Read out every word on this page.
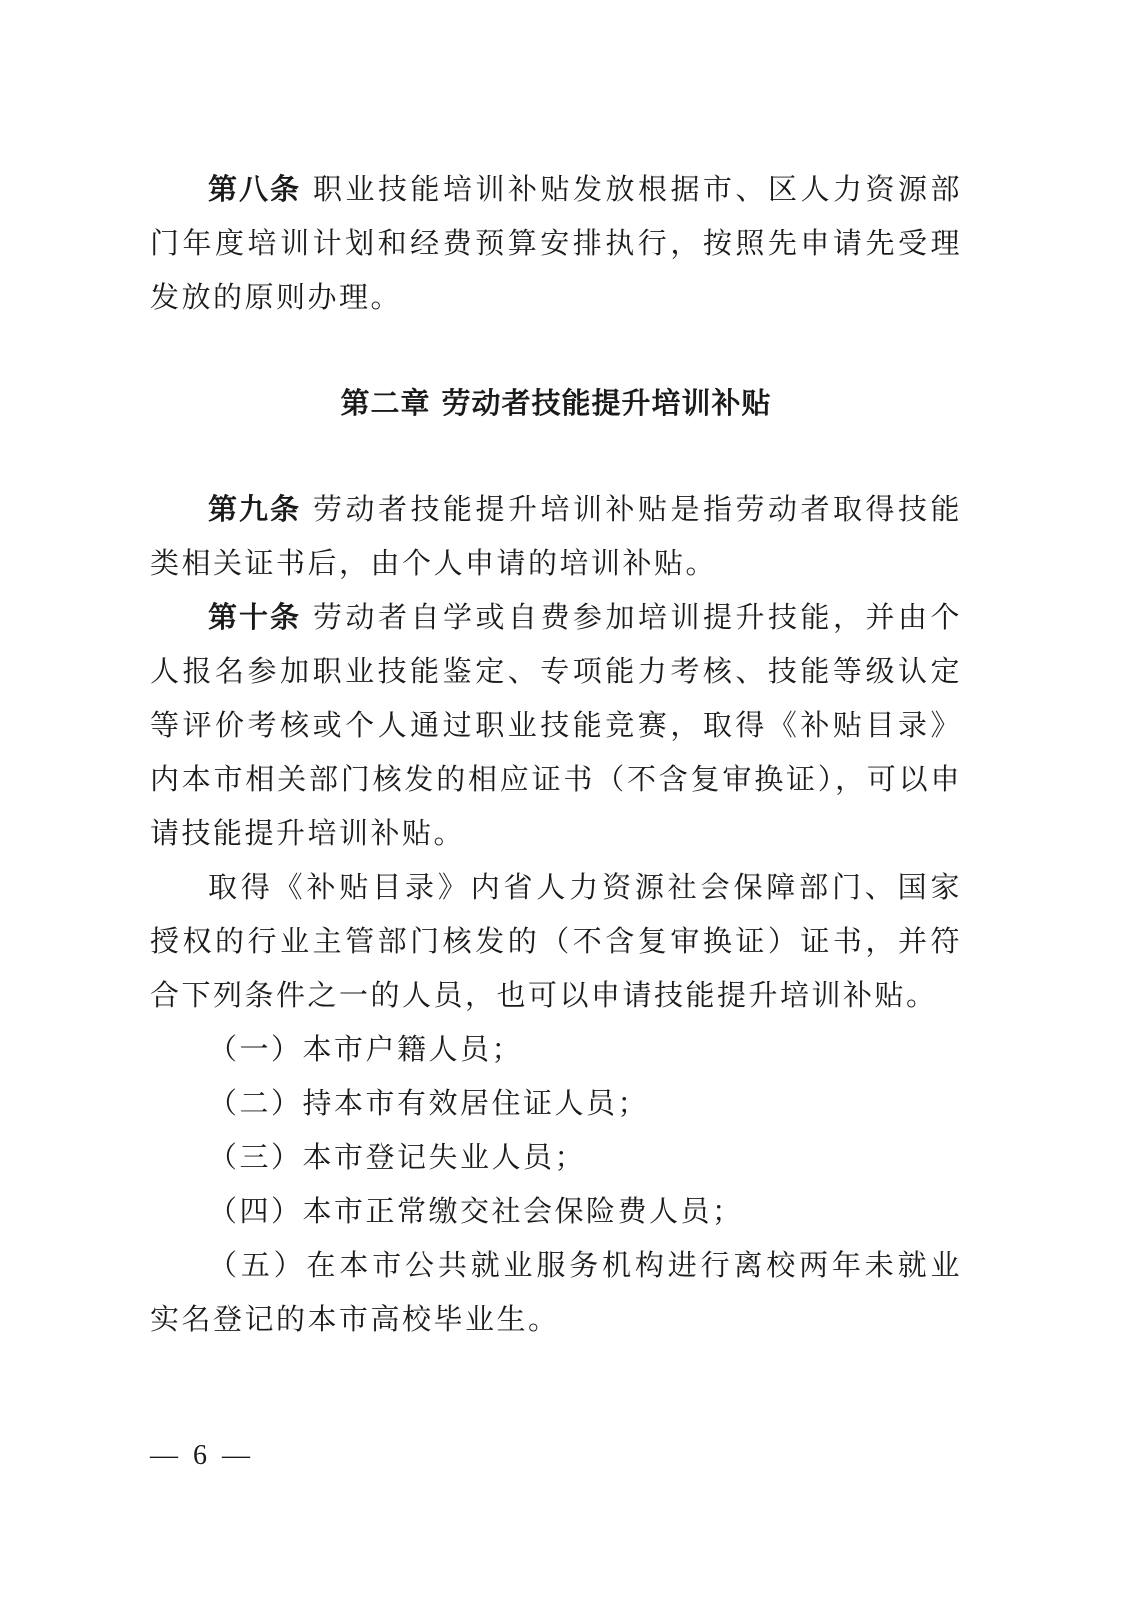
第八条 职业技能培训补贴发放根据市、区人力资源部门年度培训计划和经费预算安排执行，按照先申请先受理发放的原则办理。

第二章 劳动者技能提升培训补贴

第九条 劳动者技能提升培训补贴是指劳动者取得技能类相关证书后，由个人申请的培训补贴。

第十条 劳动者自学或自费参加培训提升技能，并由个人报名参加职业技能鉴定、专项能力考核、技能等级认定等评价考核或个人通过职业技能竞赛，取得《补贴目录》内本市相关部门核发的相应证书（不含复审换证），可以申请技能提升培训补贴。

取得《补贴目录》内省人力资源社会保障部门、国家授权的行业主管部门核发的（不含复审换证）证书，并符合下列条件之一的人员，也可以申请技能提升培训补贴。

（一）本市户籍人员；

（二）持本市有效居住证人员；

（三）本市登记失业人员；

（四）本市正常缴交社会保险费人员；

（五）在本市公共就业服务机构进行离校两年未就业实名登记的本市高校毕业生。

— 6 —
